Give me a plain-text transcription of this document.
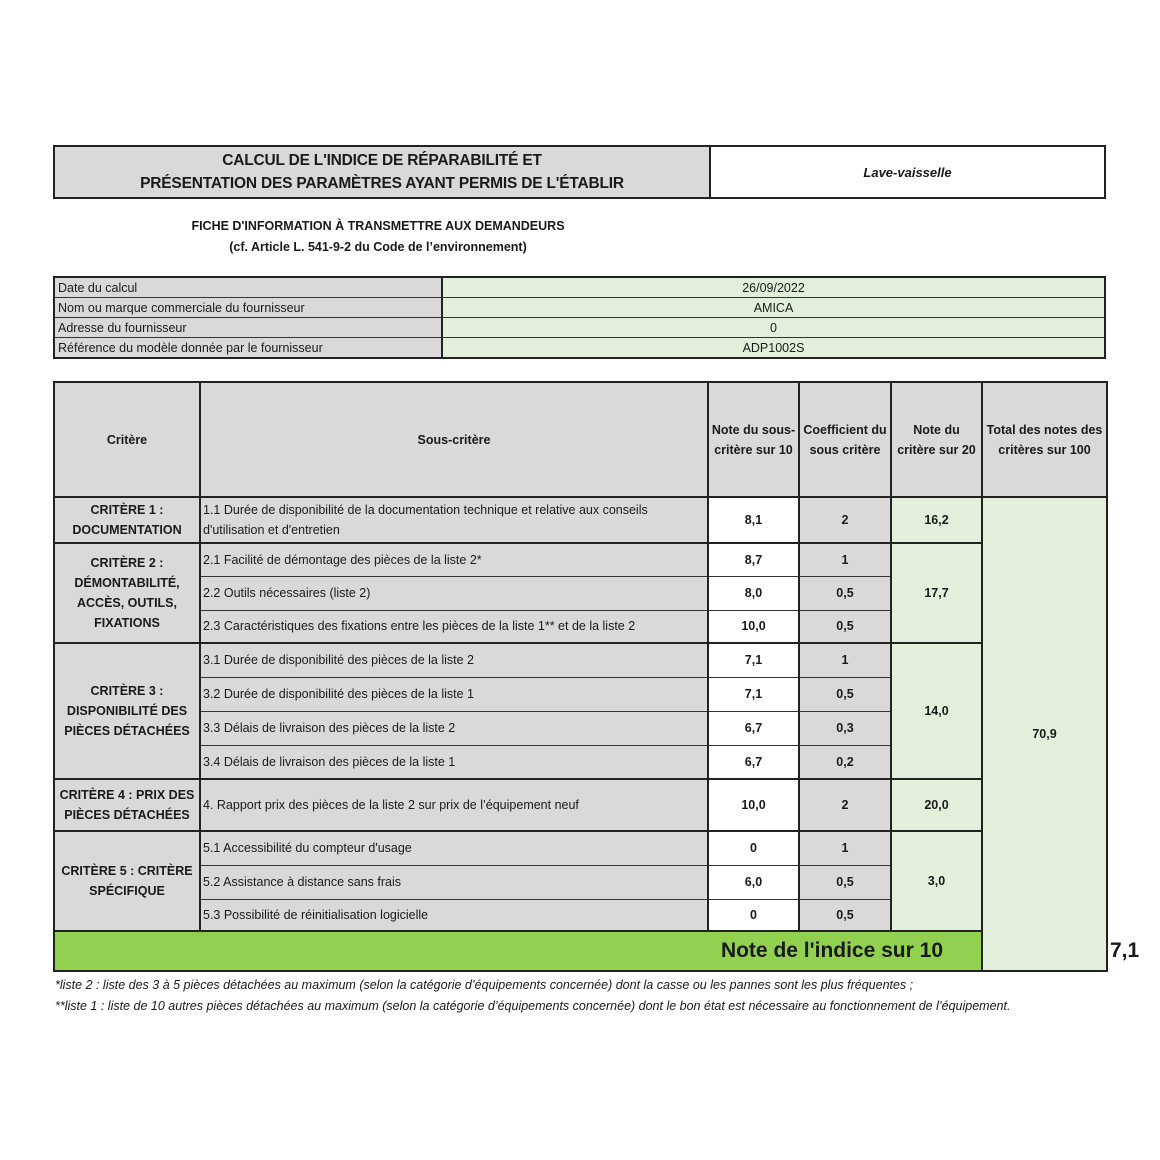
CALCUL DE L'INDICE DE RÉPARABILITÉ ET
PRÉSENTATION DES PARAMÈTRES AYANT PERMIS DE L'ÉTABLIR
Lave-vaisselle
FICHE D'INFORMATION À TRANSMETTRE AUX DEMANDEURS
(cf. Article L. 541-9-2 du Code de l’environnement)
Date du calcul	26/09/2022
Nom ou marque commerciale du fournisseur	AMICA
Adresse du fournisseur	0
Référence du modèle donnée par le fournisseur	ADP1002S
Critère	Sous-critère	Note du sous-critère sur 10	Coefficient du sous critère	Note du critère sur 20	Total des notes des critères sur 100	
CRITÈRE 1 : DOCUMENTATION	1.1 Durée de disponibilité de la documentation technique et relative aux conseils d'utilisation et d'entretien	8,1	2	16,2	70,9	
CRITÈRE 2 : DÉMONTABILITÉ, ACCÈS, OUTILS, FIXATIONS	2.1 Facilité de démontage des pièces de la liste 2*	8,7	1	17,7		
	2.2 Outils nécessaires (liste 2)	8,0	0,5			
	2.3 Caractéristiques des fixations entre les pièces de la liste 1** et de la liste 2	10,0	0,5			
CRITÈRE 3 : DISPONIBILITÉ DES PIÈCES DÉTACHÉES	3.1 Durée de disponibilité des pièces de la liste 2	7,1	1	14,0		
	3.2 Durée de disponibilité des pièces de la liste 1	7,1	0,5			
	3.3 Délais de livraison des pièces de la liste 2	6,7	0,3			
	3.4 Délais de livraison des pièces de la liste 1	6,7	0,2			
CRITÈRE 4 : PRIX DES PIÈCES DÉTACHÉES	4. Rapport prix des pièces de la liste 2 sur prix de l’équipement neuf	10,0	2	20,0		
CRITÈRE 5 : CRITÈRE SPÉCIFIQUE	5.1 Accessibilité du compteur d'usage	0	1	3,0		
	5.2 Assistance à distance sans frais	6,0	0,5			
	5.3 Possibilité de réinitialisation logicielle	0	0,5			
Note de l'indice sur 10						7,1
*liste 2 : liste des 3 à 5 pièces détachées au maximum (selon la catégorie d’équipements concernée) dont la casse ou les pannes sont les plus fréquentes ;
**liste 1 : liste de 10 autres pièces détachées au maximum (selon la catégorie d’équipements concernée) dont le bon état est nécessaire au fonctionnement de l’équipement.
